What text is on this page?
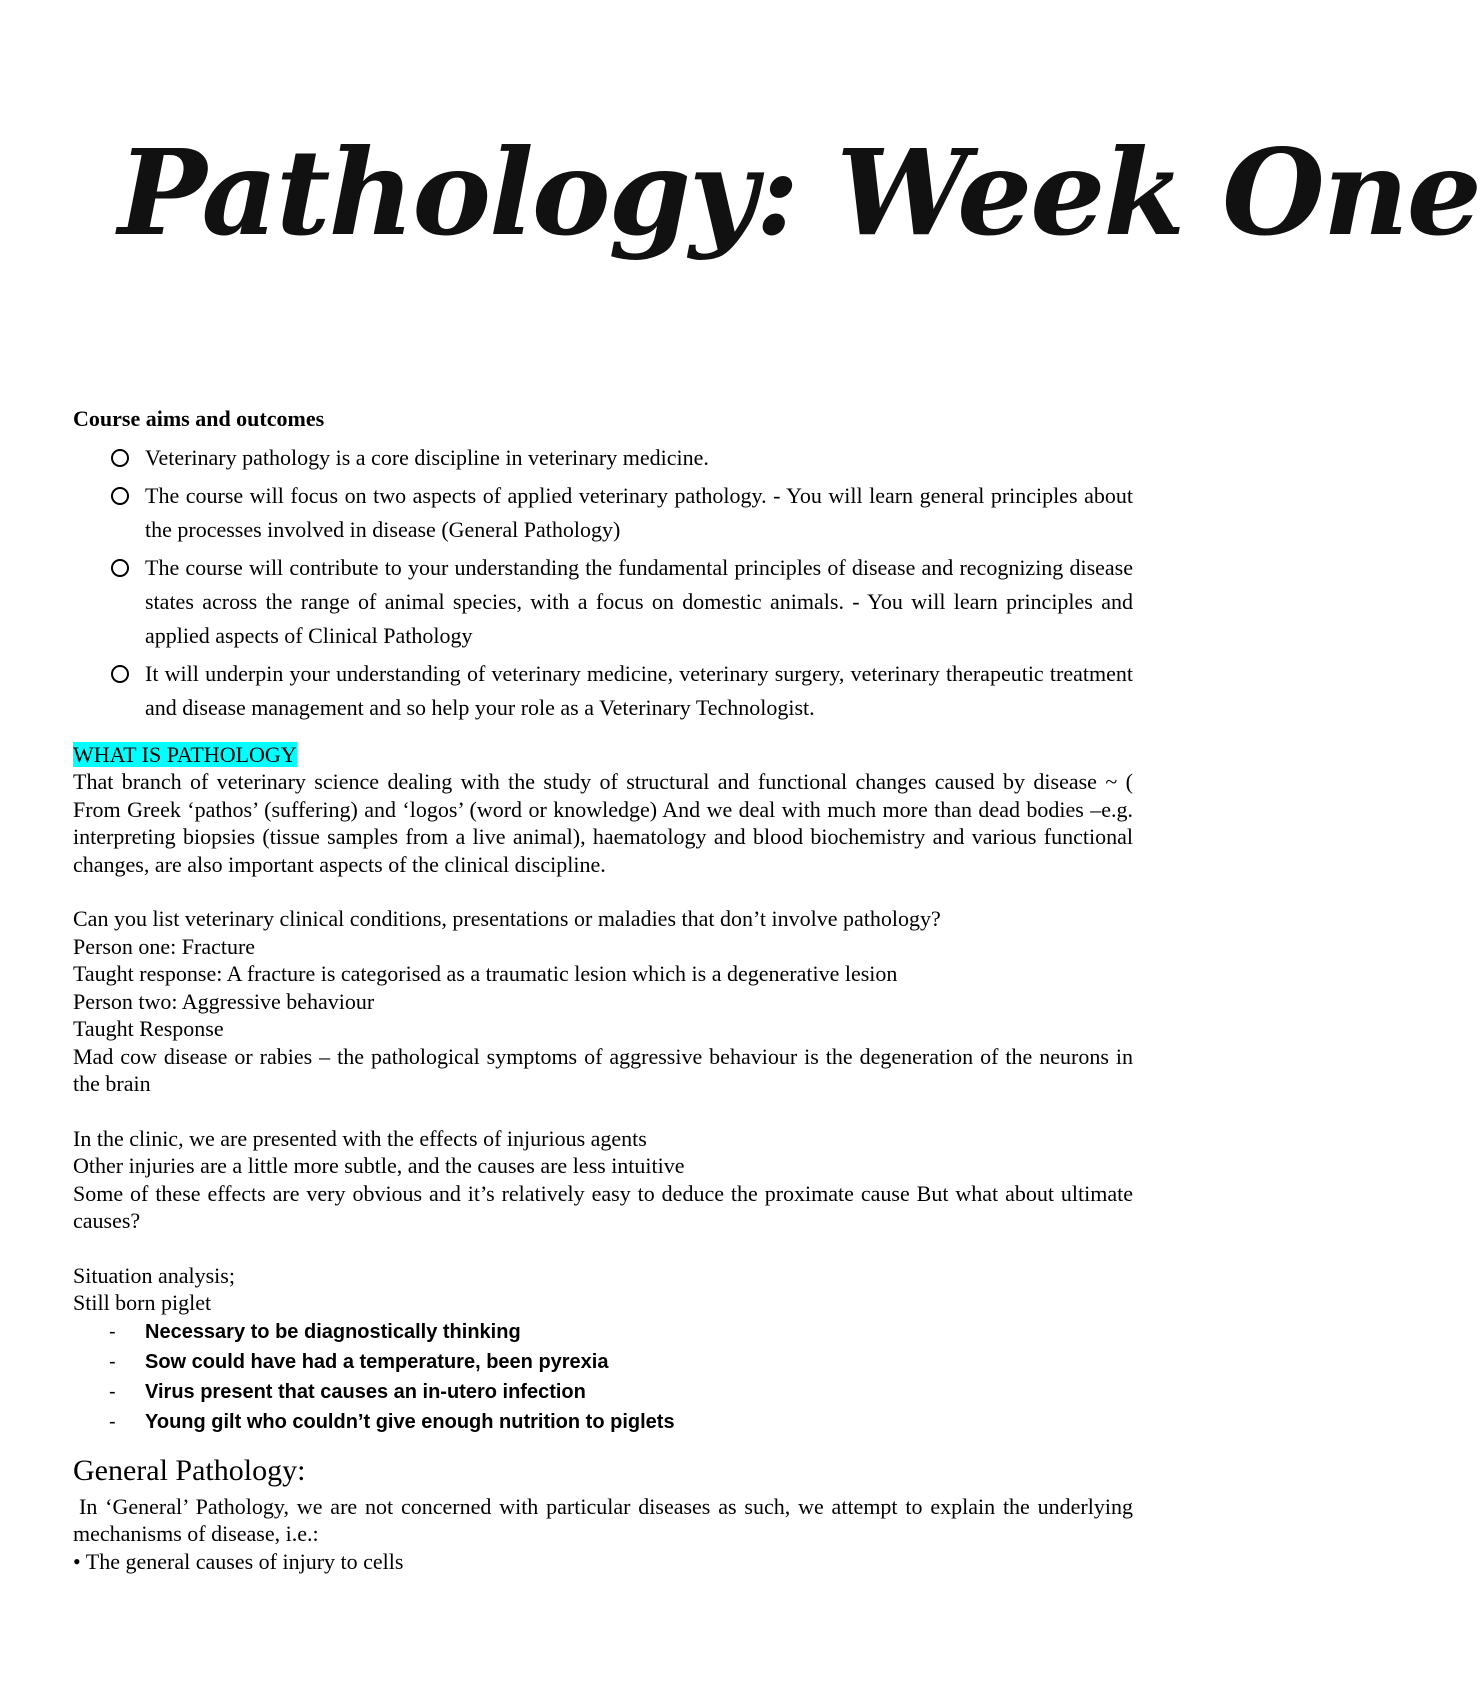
Pathology: Week One

Course aims and outcomes

Veterinary pathology is a core discipline in veterinary medicine.
The course will focus on two aspects of applied veterinary pathology. - You will learn general principles about the processes involved in disease (General Pathology)
The course will contribute to your understanding the fundamental principles of disease and recognizing disease states across the range of animal species, with a focus on domestic animals. - You will learn principles and applied aspects of Clinical Pathology
It will underpin your understanding of veterinary medicine, veterinary surgery, veterinary therapeutic treatment and disease management and so help your role as a Veterinary Technologist.

WHAT IS PATHOLOGY

That branch of veterinary science dealing with the study of structural and functional changes caused by disease ~ ( From Greek ‘pathos’ (suffering) and ‘logos’ (word or knowledge) And we deal with much more than dead bodies –e.g. interpreting biopsies (tissue samples from a live animal), haematology and blood biochemistry and various functional changes, are also important aspects of the clinical discipline.

Can you list veterinary clinical conditions, presentations or maladies that don’t involve pathology?

Person one: Fracture

Taught response: A fracture is categorised as a traumatic lesion which is a degenerative lesion

Person two: Aggressive behaviour

Taught Response

Mad cow disease or rabies – the pathological symptoms of aggressive behaviour is the degeneration of the neurons in the brain

In the clinic, we are presented with the effects of injurious agents

Other injuries are a little more subtle, and the causes are less intuitive

Some of these effects are very obvious and it’s relatively easy to deduce the proximate cause But what about ultimate causes?

Situation analysis;

Still born piglet

- Necessary to be diagnostically thinking
- Sow could have had a temperature, been pyrexia
- Virus present that causes an in-utero infection
- Young gilt who couldn’t give enough nutrition to piglets

General Pathology:

In ‘General’ Pathology, we are not concerned with particular diseases as such, we attempt to explain the underlying mechanisms of disease, i.e.:

• The general causes of injury to cells
